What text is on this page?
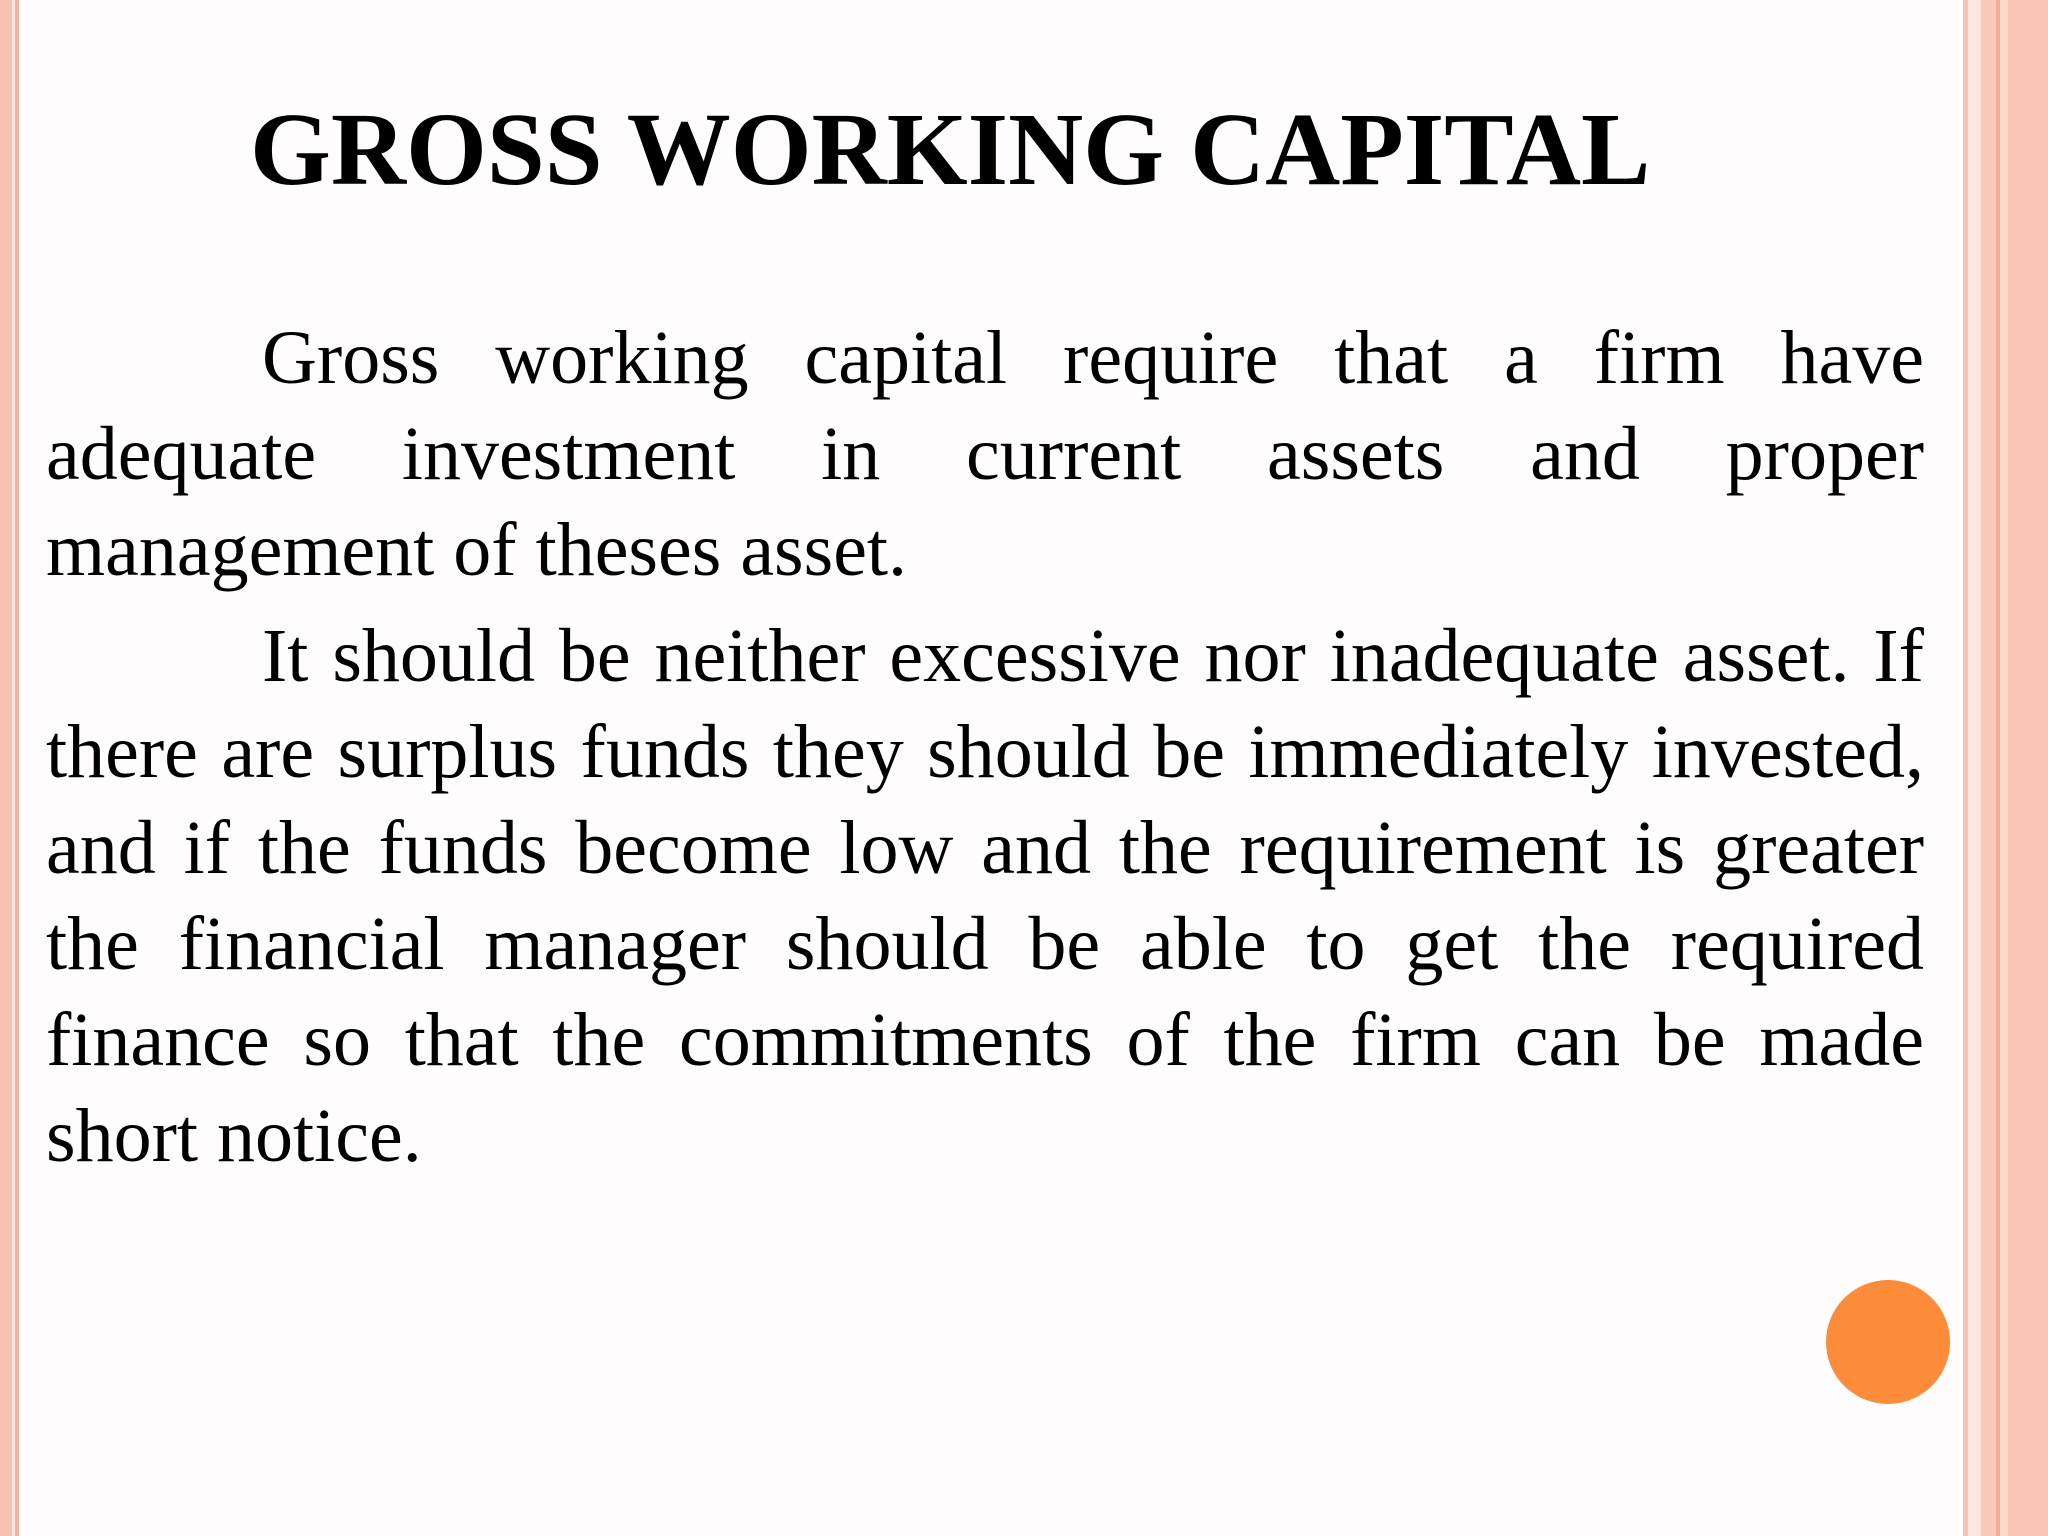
GROSS WORKING CAPITAL

Gross working capital require that a firm have adequate investment in current assets and proper management of theses asset.

It should be neither excessive nor inadequate asset. If there are surplus funds they should be immediately invested, and if the funds become low and the requirement is greater the financial manager should be able to get the required finance so that the commitments of the firm can be made short notice.
